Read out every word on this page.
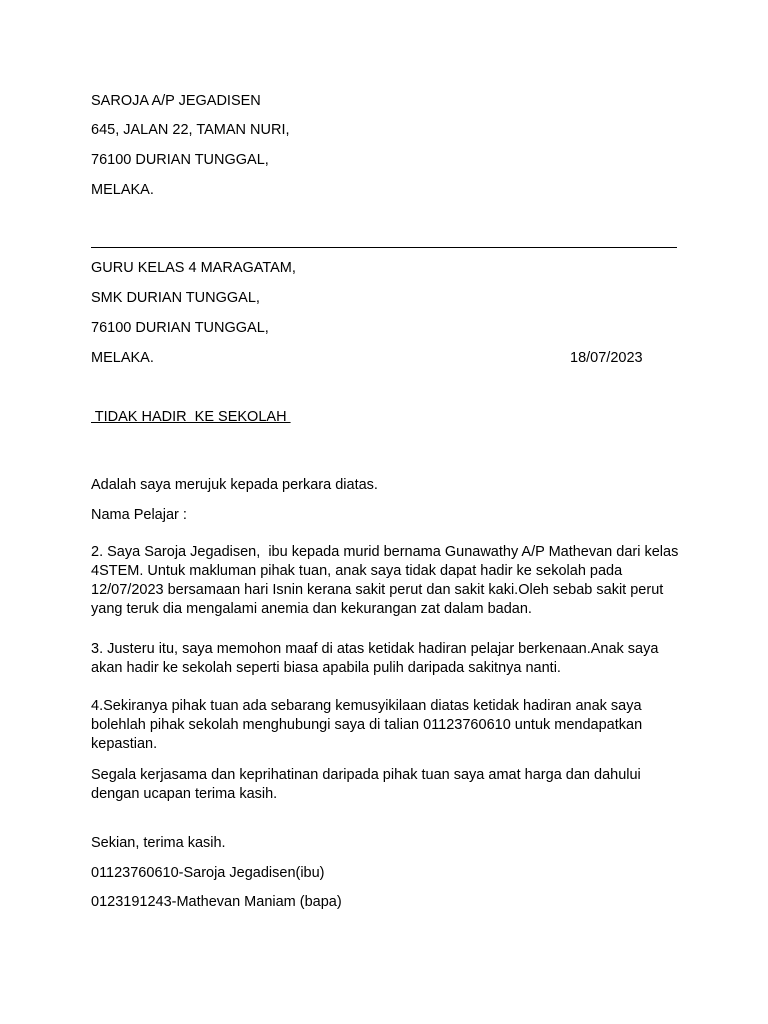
SAROJA A/P JEGADISEN
645, JALAN 22, TAMAN NURI,
76100 DURIAN TUNGGAL,
MELAKA.
GURU KELAS 4 MARAGATAM,
SMK DURIAN TUNGGAL,
76100 DURIAN TUNGGAL,
MELAKA.	18/07/2023
TIDAK HADIR  KE SEKOLAH
Adalah saya merujuk kepada perkara diatas.
Nama Pelajar :
2. Saya Saroja Jegadisen,  ibu kepada murid bernama Gunawathy A/P Mathevan dari kelas 4STEM. Untuk makluman pihak tuan, anak saya tidak dapat hadir ke sekolah pada 12/07/2023 bersamaan hari Isnin kerana sakit perut dan sakit kaki.Oleh sebab sakit perut yang teruk dia mengalami anemia dan kekurangan zat dalam badan.
3. Justeru itu, saya memohon maaf di atas ketidak hadiran pelajar berkenaan.Anak saya akan hadir ke sekolah seperti biasa apabila pulih daripada sakitnya nanti.
4.Sekiranya pihak tuan ada sebarang kemusyikilaan diatas ketidak hadiran anak saya bolehlah pihak sekolah menghubungi saya di talian 01123760610 untuk mendapatkan kepastian.
Segala kerjasama dan keprihatinan daripada pihak tuan saya amat harga dan dahului dengan ucapan terima kasih.
Sekian, terima kasih.
01123760610-Saroja Jegadisen(ibu)
0123191243-Mathevan Maniam (bapa)
